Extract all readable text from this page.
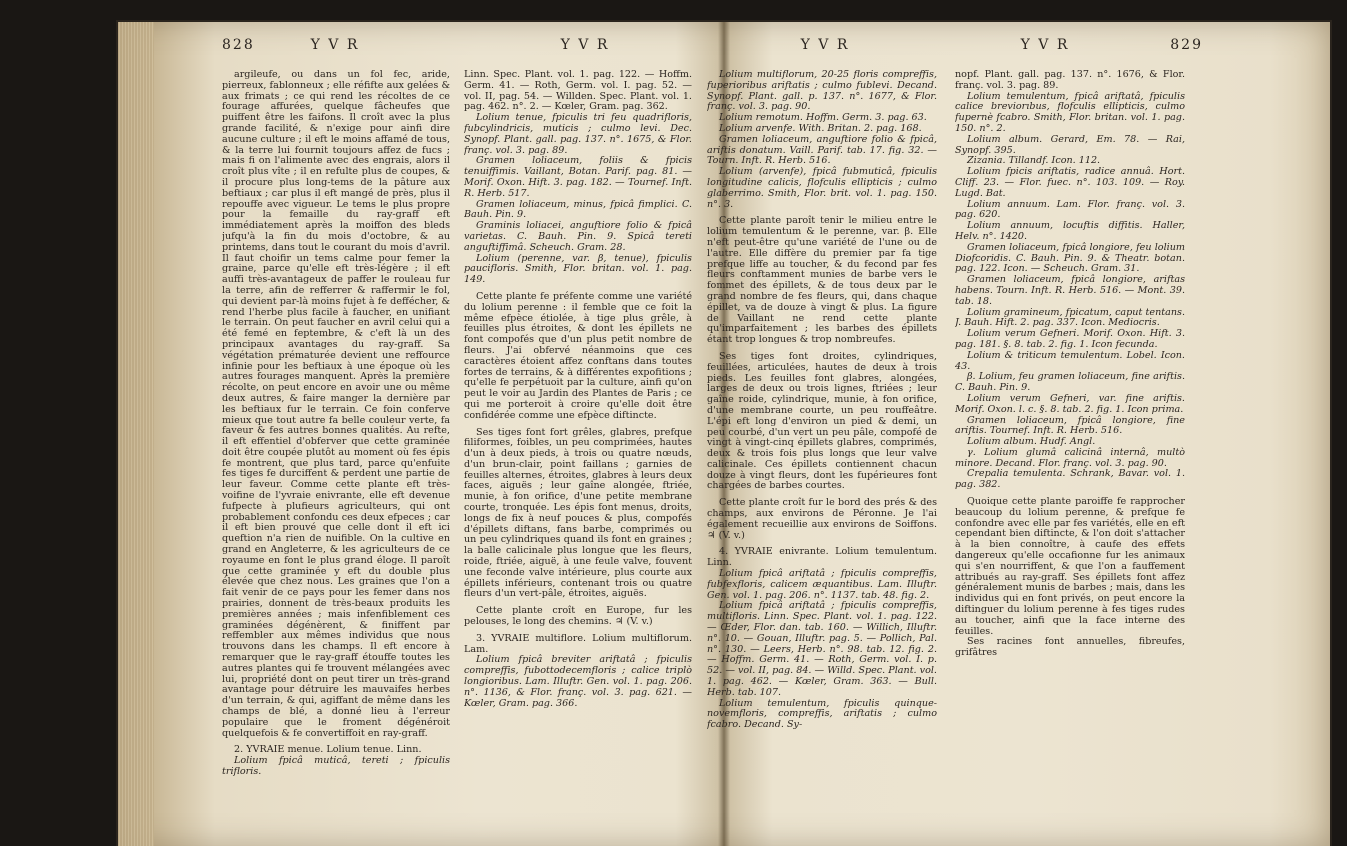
828	Y V R	Y V R

argileufe, ou dans un fol fec, aride, pierreux, fablonneux ; elle réfifte aux gelées & aux frimats ; ce qui rend les récoltes de ce fourage affurées, quelque fâcheufes que puiffent être les faifons. Il croît avec la plus grande facilité, & n'exige pour ainfi dire aucune culture ; il eft le moins affamé de tous, & la terre lui fournit toujours affez de fucs ; mais fi on l'alimente avec des engrais, alors il croît plus vîte ; il en refulte plus de coupes, & il procure plus long-tems de la pâture aux beftiaux ; car plus il eft mangé de près, plus il repouffe avec vigueur. Le tems le plus propre pour la femaille du ray-graff eft immédiatement après la moiffon des bleds jufqu'à la fin du mois d'octobre, & au printems, dans tout le courant du mois d'avril. Il faut choifir un tems calme pour femer la graine, parce qu'elle eft très-légère ; il eft auffi très-avantageux de paffer le rouleau fur la terre, afin de refferrer & raffermir le fol, qui devient par-là moins fujet à fe deffécher, & rend l'herbe plus facile à faucher, en unifiant le terrain. On peut faucher en avril celui qui a été femé en feptembre, & c'eft là un des principaux avantages du ray-graff. Sa végétation prématurée devient une reffource infinie pour les beftiaux à une époque où les autres fourages manquent. Après la première récolte, on peut encore en avoir une ou même deux autres, & faire manger la dernière par les beftiaux fur le terrain. Ce foin conferve mieux que tout autre fa belle couleur verte, fa faveur & fes autres bonnes qualités. Au refte, il eft effentiel d'obferver que cette graminée doit être coupée plutôt au moment où fes épis fe montrent, que plus tard, parce qu'enfuite fes tiges fe durciffent & perdent une partie de leur faveur. Comme cette plante eft très-voifine de l'yvraie enivrante, elle eft devenue fufpecte à plufieurs agriculteurs, qui ont probablement confondu ces deux efpeces ; car il eft bien prouvé que celle dont il eft ici queftion n'a rien de nuifible. On la cultive en grand en Angleterre, & les agriculteurs de ce royaume en font le plus grand éloge. Il paroît que cette graminée y eft du double plus élevée que chez nous. Les graines que l'on a fait venir de ce pays pour les femer dans nos prairies, donnent de très-beaux produits les premières années ; mais infenfiblement ces graminées dégénèrent, & finiffent par reffembler aux mêmes individus que nous trouvons dans les champs. Il eft encore à remarquer que le ray-graff étouffe toutes les autres plantes qui fe trouvent mélangées avec lui, propriété dont on peut tirer un très-grand avantage pour détruire les mauvaifes herbes d'un terrain, & qui, agiffant de même dans les champs de blé, a donné lieu à l'erreur populaire que le froment dégénéroit quelquefois & fe convertiffoit en ray-graff.

2. YVRAIE menue. Lolium tenue. Linn.

Lolium fpicâ muticâ, tereti ; fpiculis trifloris.

Linn. Spec. Plant. vol. 1. pag. 122. — Hoffm. Germ. 41. — Roth, Germ. vol. I. pag. 52. — vol. II, pag. 54. — Willden. Spec. Plant. vol. 1. pag. 462. n°. 2. — Kœler, Gram. pag. 362.

Lolium tenue, fpiculis tri feu quadrifloris, fubcylindricis, muticis ; culmo levi. Dec. Synopf. Plant. gall. pag. 137. n°. 1675, & Flor. franç. vol. 3. pag. 89.

Gramen loliaceum, foliis & fpicis tenuiffimis. Vaillant, Botan. Parif. pag. 81. — Morif. Oxon. Hift. 3. pag. 182. — Tournef. Inft. R. Herb. 517.

Gramen loliaceum, minus, fpicâ fimplici. C. Bauh. Pin. 9.

Graminis loliacei, anguftiore folio & fpicâ varietas. C. Bauh. Pin. 9. Spicâ tereti anguftiffimâ. Scheuch. Gram. 28.

Lolium (perenne, var. β, tenue), fpiculis paucifloris. Smith, Flor. britan. vol. 1. pag. 149.

Cette plante fe préfente comme une variété du lolium perenne : il femble que ce foit la même efpèce étiolée, à tige plus grêle, à feuilles plus étroites, & dont les épillets ne font compofés que d'un plus petit nombre de fleurs. J'ai obfervé néanmoins que ces caractères étoient affez conftans dans toutes fortes de terrains, & à différentes expofitions ; qu'elle fe perpétuoit par la culture, ainfi qu'on peut le voir au Jardin des Plantes de Paris ; ce qui me porteroit à croire qu'elle doit être confidérée comme une efpèce diftincte.

Ses tiges font fort grêles, glabres, prefque filiformes, foibles, un peu comprimées, hautes d'un à deux pieds, à trois ou quatre nœuds, d'un brun-clair, point faillans ; garnies de feuilles alternes, étroites, glabres à leurs deux faces, aiguës ; leur gaîne alongée, ftriée, munie, à fon orifice, d'une petite membrane courte, tronquée. Les épis font menus, droits, longs de fix à neuf pouces & plus, compofés d'épillets diftans, fans barbe, comprimés ou un peu cylindriques quand ils font en graines ; la balle calicinale plus longue que les fleurs, roide, ftriée, aiguë, à une feule valve, fouvent une feconde valve intérieure, plus courte aux épillets inférieurs, contenant trois ou quatre fleurs d'un vert-pâle, étroites, aiguës.

Cette plante croît en Europe, fur les pelouses, le long des chemins. ♃ (V. v.)

3. YVRAIE multiflore. Lolium multiflorum. Lam.

Lolium fpicâ breviter ariftatâ ; fpiculis compreffis, fubottodecemfloris ; calice triplò longioribus. Lam. Illuftr. Gen. vol. 1. pag. 206. n°. 1136, & Flor. franç. vol. 3. pag. 621. — Kœler, Gram. pag. 366.

Y V R	Y V R	829

Lolium multiflorum, 20-25 floris compreffis, fuperioribus ariftatis ; culmo fublevi. Decand. Synopf. Plant. gall. p. 137. n°. 1677, & Flor. franç. vol. 3. pag. 90.

Lolium remotum. Hoffm. Germ. 3. pag. 63.

Lolium arvenfe. With. Britan. 2. pag. 168.

Gramen loliaceum, anguftiore folio & fpicâ, ariftis donatum. Vaill. Parif. tab. 17. fig. 32. — Tourn. Inft. R. Herb. 516.

Lolium (arvenfe), fpicâ fubmuticâ, fpiculis longitudine calicis, flofculis ellipticis ; culmo glaberrimo. Smith, Flor. brit. vol. 1. pag. 150. n°. 3.

Cette plante paroît tenir le milieu entre le lolium temulentum & le perenne, var. β. Elle n'eft peut-être qu'une variété de l'une ou de l'autre. Elle diffère du premier par fa tige prefque liffe au toucher, & du fecond par fes fleurs conftamment munies de barbe vers le fommet des épillets, & de tous deux par le grand nombre de fes fleurs, qui, dans chaque épillet, va de douze à vingt & plus. La figure de Vaillant ne rend cette plante qu'imparfaitement ; les barbes des épillets étant trop longues & trop nombreufes.

Ses tiges font droites, cylindriques, feuillées, articulées, hautes de deux à trois pieds. Les feuilles font glabres, alongées, larges de deux ou trois lignes, ftriées ; leur gaîne roide, cylindrique, munie, à fon orifice, d'une membrane courte, un peu rouffeâtre. L'épi eft long d'environ un pied & demi, un peu courbé, d'un vert un peu pâle, compofé de vingt à vingt-cinq épillets glabres, comprimés, deux & trois fois plus longs que leur valve calicinale. Ces épillets contiennent chacun douze à vingt fleurs, dont les fupérieures font chargées de barbes courtes.

Cette plante croît fur le bord des prés & des champs, aux environs de Péronne. Je l'ai également recueillie aux environs de Soiffons. ♃ (V. v.)

4. YVRAIE enivrante. Lolium temulentum. Linn.

Lolium fpicâ ariftatâ ; fpiculis compreffis, fubfexfloris, calicem æquantibus. Lam. Illuftr. Gen. vol. 1. pag. 206. n°. 1137. tab. 48. fig. 2.

Lolium fpicâ ariftatâ ; fpiculis compreffis, multifloris. Linn. Spec. Plant. vol. 1. pag. 122. — Œder, Flor. dan. tab. 160. — Willich, Illuftr. n°. 10. — Gouan, Illuftr. pag. 5. — Pollich, Pal. n°. 130. — Leers, Herb. n°. 98. tab. 12. fig. 2. — Hoffm. Germ. 41. — Roth, Germ. vol. I. p. 52. — vol. II, pag. 84. — Willd. Spec. Plant. vol. 1. pag. 462. — Kœler, Gram. 363. — Bull. Herb. tab. 107.

Lolium temulentum, fpiculis quinque-novemfloris, compreffis, ariftatis ; culmo fcabro. Decand. Sy-

nopf. Plant. gall. pag. 137. n°. 1676, & Flor. franç. vol. 3. pag. 89.

Lolium temulentum, fpicâ ariftatâ, fpiculis calice breviorıbus, flofculis ellipticis, culmo fupernè fcabro. Smith, Flor. britan. vol. 1. pag. 150. n°. 2.

Lolium album. Gerard, Em. 78. — Rai, Synopf. 395.

Zizania. Tillandf. Icon. 112.

Lolium fpicis ariftatis, radice annuâ. Hort. Cliff. 23. — Flor. fuec. n°. 103. 109. — Roy. Lugd. Bat.

Lolium annuum. Lam. Flor. franç. vol. 3. pag. 620.

Lolium annuum, locuftis diffitis. Haller, Helv. n°. 1420.

Gramen loliaceum, fpicâ longiore, feu lolium Diofcoridis. C. Bauh. Pin. 9. & Theatr. botan. pag. 122. Icon. — Scheuch. Gram. 31.

Gramen loliaceum, fpicâ longiore, ariftas habens. Tourn. Inft. R. Herb. 516. — Mont. 39. tab. 18.

Lolium gramineum, fpicatum, caput tentans. J. Bauh. Hift. 2. pag. 337. Icon. Mediocris.

Lolium verum Gefneri. Morif. Oxon. Hift. 3. pag. 181. §. 8. tab. 2. fig. 1. Icon fecunda.

Lolium & triticum temulentum. Lobel. Icon. 43.

β. Lolium, feu gramen loliaceum, fine ariftis. C. Bauh. Pin. 9.

Lolium verum Gefneri, var. fine ariftis. Morif. Oxon. l. c. §. 8. tab. 2. fig. 1. Icon prima.

Gramen loliaceum, fpicâ longiore, fine ariftis. Tournef. Inft. R. Herb. 516.

Lolium album. Hudf. Angl.

γ. Lolium glumâ calicinâ internâ, multò minore. Decand. Flor. franç. vol. 3. pag. 90.

Crepalia temulenta. Schrank, Bavar. vol. 1. pag. 382.

Quoique cette plante paroiffe fe rapprocher beaucoup du lolium perenne, & prefque fe confondre avec elle par fes variétés, elle en eft cependant bien diftincte, & l'on doit s'attacher à la bien connoître, à caufe des effets dangereux qu'elle occafionne fur les animaux qui s'en nourriffent, & que l'on a fauffement attribués au ray-graff. Ses épillets font affez généralement munis de barbes ; mais, dans les individus qui en font privés, on peut encore la diftinguer du lolium perenne à fes tiges rudes au toucher, ainfi que la face interne des feuilles.

Ses racines font annuelles, fibreufes, grifâtres
